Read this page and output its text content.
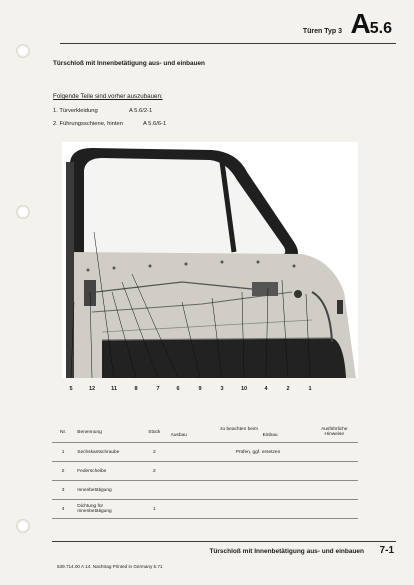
Türen Typ 3 A5.6
Türschloß mit Innenbetätigung aus- und einbauen
Folgende Teile sind vorher auszubauen:
1. Türverkleidung	A 5.6/2-1
2. Führungsschiene, hinten	A 5.6/6-1
5	12	11	8	7	6	9	3	10	4	2	1
Nr.	Benennung	Stück	zu beachten beim
Ausbau Einbau		Ausführliche Hinweise
1	Sechskantschraube	2		Prüfen, ggf. ersetzen	
2	Federscheibe	2			
3	Innenbetätigung				
4	Dichtung für Innenbetätigung	1			
Türschloß mit Innenbetätigung aus- und einbauen 7-1
539.714.00 A 14. Nachtrag Printed in Germany 5.71
